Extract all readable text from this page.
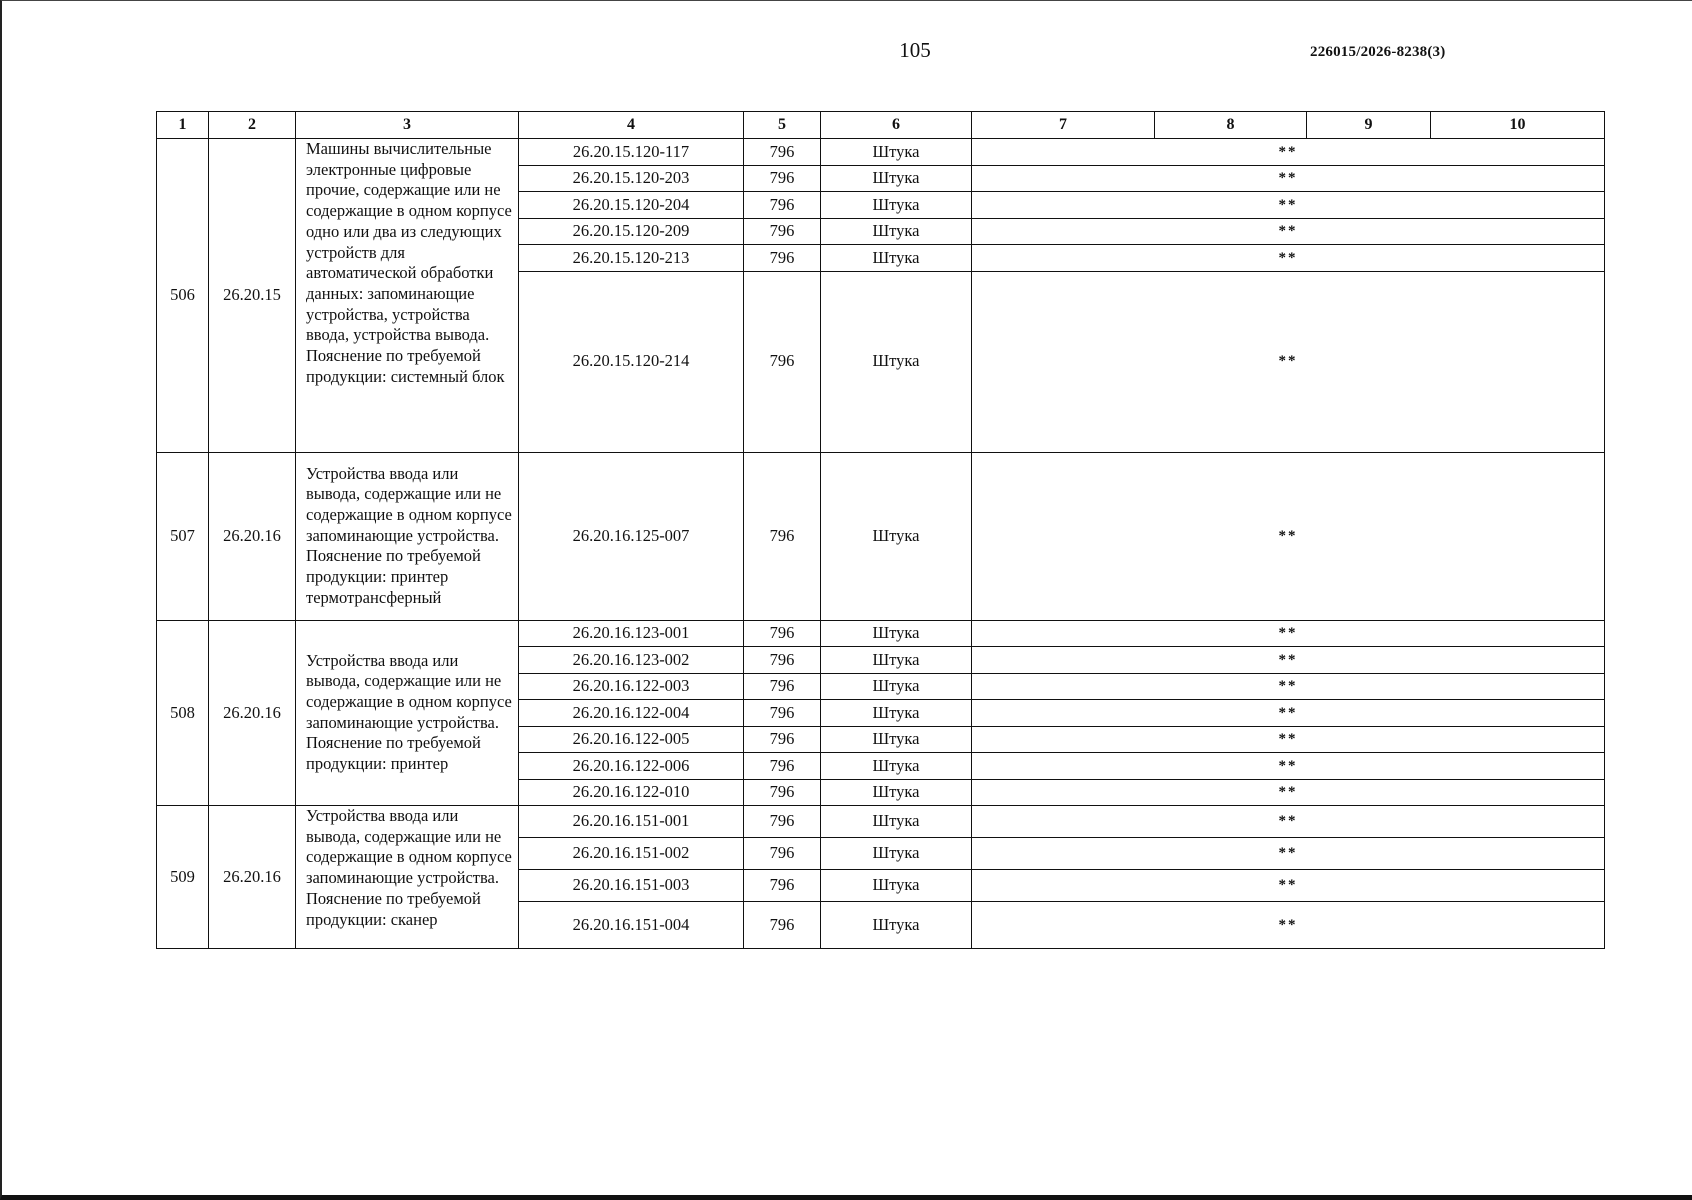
105	226015/2026-8238(3)
1	2	3	4	5	6	7	8	9	10
506	26.20.15	Машины вычислительные электронные цифровые прочие, содержащие или не содержащие в одном корпусе одно или два из следующих устройств для автоматической обработки данных: запоминающие устройства, устройства ввода, устройства вывода. Пояснение по требуемой продукции: системный блок	26.20.15.120-117	796	Штука	**			
			26.20.15.120-203	796	Штука	**			
			26.20.15.120-204	796	Штука	**			
			26.20.15.120-209	796	Штука	**			
			26.20.15.120-213	796	Штука	**			
			26.20.15.120-214	796	Штука	**			
507	26.20.16	Устройства ввода или вывода, содержащие или не содержащие в одном корпусе запоминающие устройства. Пояснение по требуемой продукции: принтер термотрансферный	26.20.16.125-007	796	Штука	**			
508	26.20.16	Устройства ввода или вывода, содержащие или не содержащие в одном корпусе запоминающие устройства. Пояснение по требуемой продукции: принтер	26.20.16.123-001	796	Штука	**			
			26.20.16.123-002	796	Штука	**			
			26.20.16.122-003	796	Штука	**			
			26.20.16.122-004	796	Штука	**			
			26.20.16.122-005	796	Штука	**			
			26.20.16.122-006	796	Штука	**			
			26.20.16.122-010	796	Штука	**			
509	26.20.16	Устройства ввода или вывода, содержащие или не содержащие в одном корпусе запоминающие устройства. Пояснение по требуемой продукции: сканер	26.20.16.151-001	796	Штука	**			
			26.20.16.151-002	796	Штука	**			
			26.20.16.151-003	796	Штука	**			
			26.20.16.151-004	796	Штука	**			
